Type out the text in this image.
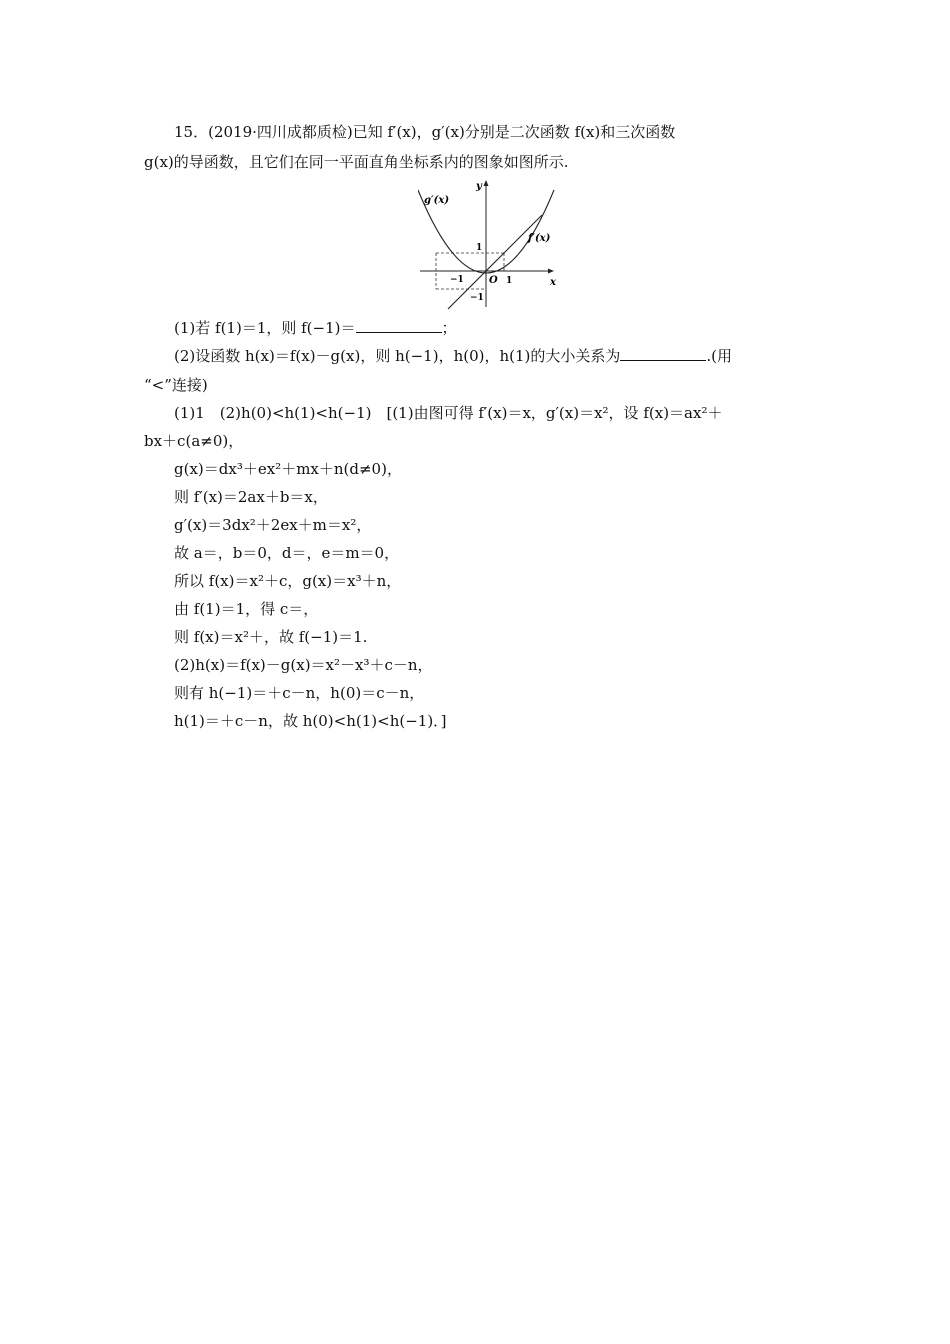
15．(2019·四川成都质检)已知 f′(x)，g′(x)分别是二次函数 f(x)和三次函数
g(x)的导函数，且它们在同一平面直角坐标系内的图象如图所示.
g′(x)
f′(x)
y
x
O
1
−1	1
−1
(1)若 f(1)＝1，则 f(−1)＝	；
(2)设函数 h(x)＝f(x)－g(x)，则 h(−1)，h(0)，h(1)的大小关系为	.(用
“<”连接)
(1)1　(2)h(0)<h(1)<h(−1)　[(1)由图可得 f′(x)＝x，g′(x)＝x²，设 f(x)＝ax²＋
bx＋c(a≠0)，
g(x)＝dx³＋ex²＋mx＋n(d≠0)，
则 f′(x)＝2ax＋b＝x，
g′(x)＝3dx²＋2ex＋m＝x²，
故 a＝，b＝0，d＝，e＝m＝0，
所以 f(x)＝x²＋c，g(x)＝x³＋n，
由 f(1)＝1，得 c＝，
则 f(x)＝x²＋，故 f(−1)＝1.
(2)h(x)＝f(x)－g(x)＝x²－x³＋c－n，
则有 h(−1)＝＋c－n，h(0)＝c－n，
h(1)＝＋c－n，故 h(0)<h(1)<h(−1)．]
